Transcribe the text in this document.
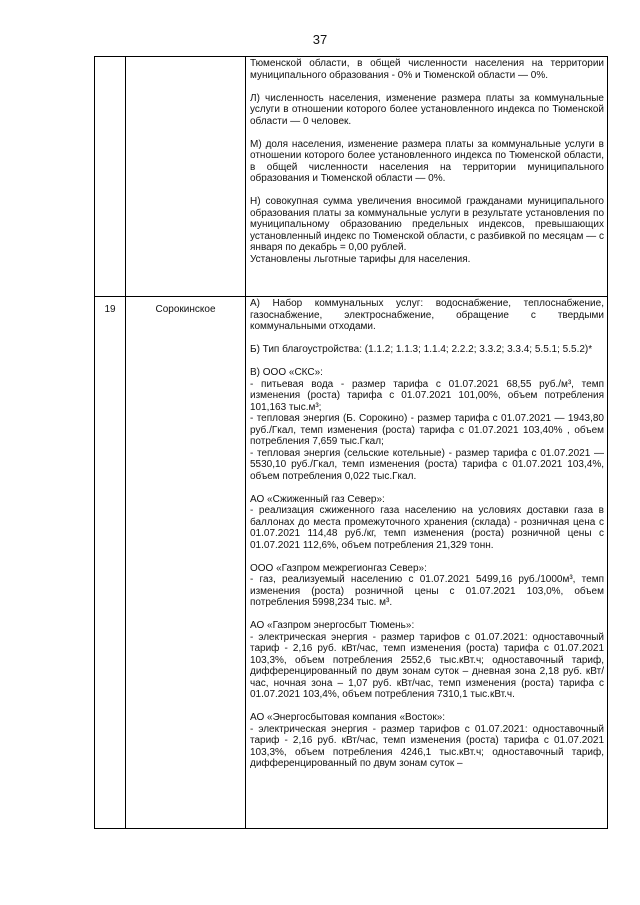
37

Тюменской области, в общей численности населения на территории муниципального образования - 0% и Тюменской области — 0%.

Л) численность населения, изменение размера платы за коммунальные услуги в отношении которого более установленного индекса по Тюменской области — 0 человек.

М) доля населения, изменение размера платы за коммунальные услуги в отношении которого более установленного индекса по Тюменской области, в общей численности населения на территории муниципального образования и Тюменской области — 0%.

Н) совокупная сумма увеличения вносимой гражданами муниципального образования платы за коммунальные услуги в результате установления по муниципальному образованию предельных индексов, превышающих установленный индекс по Тюменской области, с разбивкой по месяцам — с января по декабрь = 0,00 рублей.

Установлены льготные тарифы для населения.

19	Сорокинское

А) Набор коммунальных услуг: водоснабжение, теплоснабжение, газоснабжение, электроснабжение, обращение с твердыми коммунальными отходами.

Б) Тип благоустройства: (1.1.2; 1.1.3; 1.1.4; 2.2.2; 3.3.2; 3.3.4; 5.5.1; 5.5.2)*

В) ООО «СКС»:

- питьевая вода - размер тарифа с 01.07.2021 68,55 руб./м³, темп изменения (роста) тарифа с 01.07.2021 101,00%, объем потребления 101,163 тыс.м³;

- тепловая энергия (Б. Сорокино) - размер тарифа с 01.07.2021 — 1943,80 руб./Гкал, темп изменения (роста) тарифа с 01.07.2021 103,40% , объем потребления 7,659 тыс.Гкал;

- тепловая энергия (сельские котельные) - размер тарифа с 01.07.2021 — 5530,10 руб./Гкал, темп изменения (роста) тарифа с 01.07.2021 103,4%, объем потребления 0,022 тыс.Гкал.

АО «Сжиженный газ Север»:

- реализация сжиженного газа населению на условиях доставки газа в баллонах до места промежуточного хранения (склада) - розничная цена с 01.07.2021 114,48 руб./кг, темп изменения (роста) розничной цены с 01.07.2021 112,6%, объем потребления 21,329 тонн.

ООО «Газпром межрегионгаз Север»:

- газ, реализуемый населению с 01.07.2021 5499,16 руб./1000м³, темп изменения (роста) розничной цены с 01.07.2021 103,0%, объем потребления 5998,234 тыс. м³.

АО «Газпром энергосбыт Тюмень»:

- электрическая энергия - размер тарифов с 01.07.2021: одноставочный тариф - 2,16 руб. кВт/час, темп изменения (роста) тарифа с 01.07.2021 103,3%, объем потребления 2552,6 тыс.кВт.ч; одноставочный тариф, дифференцированный по двум зонам суток – дневная зона 2,18 руб. кВт/час, ночная зона – 1,07 руб. кВт/час, темп изменения (роста) тарифа с 01.07.2021 103,4%, объем потребления 7310,1 тыс.кВт.ч.

АО «Энергосбытовая компания «Восток»:

- электрическая энергия - размер тарифов с 01.07.2021: одноставочный тариф - 2,16 руб. кВт/час, темп изменения (роста) тарифа с 01.07.2021 103,3%, объем потребления 4246,1 тыс.кВт.ч; одноставочный тариф, дифференцированный по двум зонам суток –
